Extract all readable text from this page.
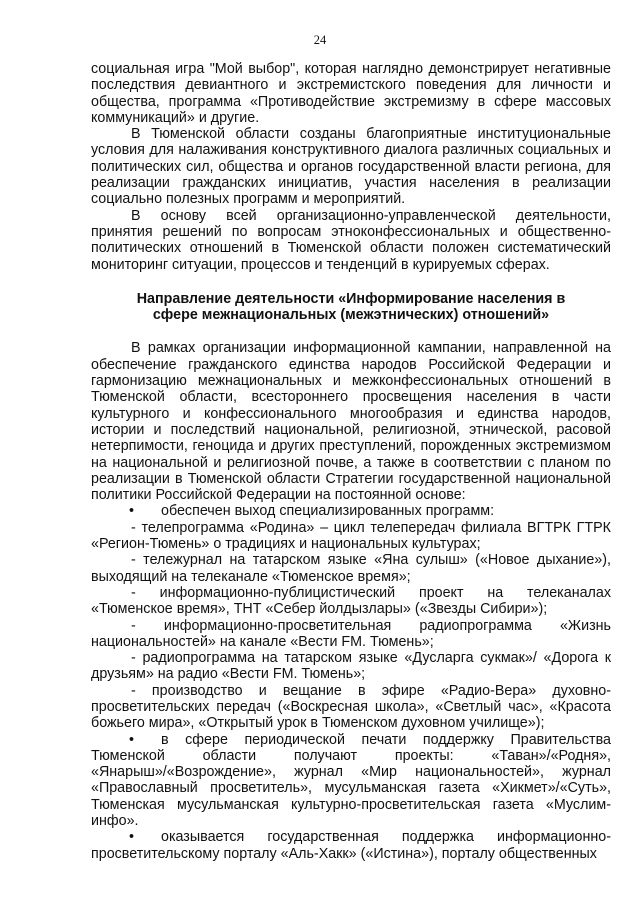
24

социальная игра "Мой выбор", которая наглядно демонстрирует негативные последствия девиантного и экстремистского поведения для личности и общества, программа «Противодействие экстремизму в сфере массовых коммуникаций» и другие.

В Тюменской области созданы благоприятные институциональные условия для налаживания конструктивного диалога различных социальных и политических сил, общества и органов государственной власти региона, для реализации гражданских инициатив, участия населения в реализации социально полезных программ и мероприятий.

В основу всей организационно-управленческой деятельности, принятия решений по вопросам этноконфессиональных и общественно-политических отношений в Тюменской области положен систематический мониторинг ситуации, процессов и тенденций в курируемых сферах.

Направление деятельности «Информирование населения в сфере межнациональных (межэтнических) отношений»

В рамках организации информационной кампании, направленной на обеспечение гражданского единства народов Российской Федерации и гармонизацию межнациональных и межконфессиональных отношений в Тюменской области, всестороннего просвещения населения в части культурного и конфессионального многообразия и единства народов, истории и последствий национальной, религиозной, этнической, расовой нетерпимости, геноцида и других преступлений, порожденных экстремизмом на национальной и религиозной почве, а также в соответствии с планом по реализации в Тюменской области Стратегии государственной национальной политики Российской Федерации на постоянной основе:

• обеспечен выход специализированных программ:

- телепрограмма «Родина» – цикл телепередач филиала ВГТРК ГТРК «Регион-Тюмень» о традициях и национальных культурах;

- тележурнал на татарском языке «Яна сулыш» («Новое дыхание»), выходящий на телеканале «Тюменское время»;

- информационно-публицистический проект на телеканалах «Тюменское время», ТНТ «Себер йолдызлары» («Звезды Сибири»);

- информационно-просветительная радиопрограмма «Жизнь национальностей» на канале «Вести FM. Тюмень»;

- радиопрограмма на татарском языке «Дусларга сукмак»/ «Дорога к друзьям» на радио «Вести FM. Тюмень»;

- производство и вещание в эфире «Радио-Вера» духовно-просветительских передач («Воскресная школа», «Светлый час», «Красота божьего мира», «Открытый урок в Тюменском духовном училище»);

• в сфере периодической печати поддержку Правительства Тюменской области получают проекты: «Таван»/«Родня», «Янарыш»/«Возрождение», журнал «Мир национальностей», журнал «Православный просветитель», мусульманская газета «Хикмет»/«Суть», Тюменская мусульманская культурно-просветительская газета «Муслим-инфо».

• оказывается государственная поддержка информационно-просветительскому порталу «Аль-Хакк» («Истина»), порталу общественных
